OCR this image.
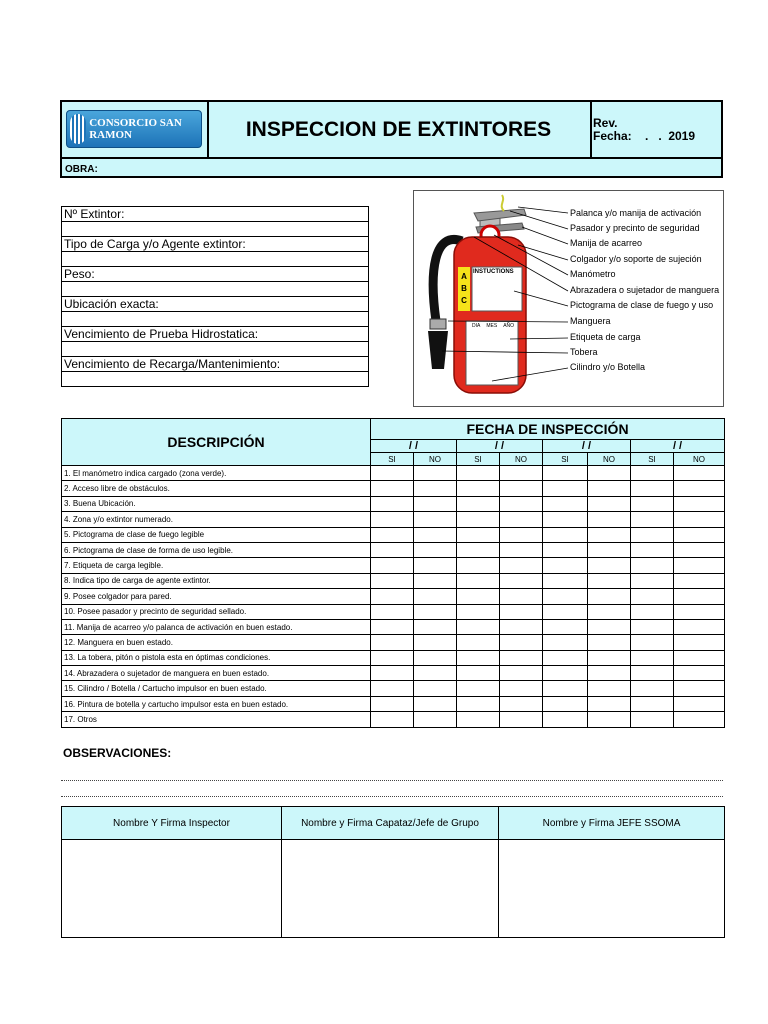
CONSORCIO SAN RAMON	INSPECCION DE EXTINTORES	Rev.
Fecha: .   .  2019
OBRA:
Nº Extintor:

Tipo de Carga y/o Agente extintor:

Peso:

Ubicación exacta:

Vencimiento de Prueba Hidrostatica:

Vencimiento de Recarga/Mantenimiento:

A
B
C
INSTUCTIONS
DIA MES AÑO
Palanca y/o manija de activación
Pasador y precinto de seguridad
Manija de acarreo
Colgador y/o soporte de sujeción
Manómetro
Abrazadera o sujetador de manguera
Pictograma de clase de fuego y uso
Manguera
Etiqueta de carga
Tobera
Cilindro y/o Botella
DESCRIPCIÓN	FECHA DE INSPECCIÓN							
	/ /		/ /		/ /		/ /	
	SI	NO	SI	NO	SI	NO	SI	NO
1. El manómetro indica cargado (zona verde).								
2. Acceso libre de obstáculos.								
3. Buena Ubicación.								
4. Zona y/o extintor numerado.								
5. Pictograma de clase de fuego legible								
6. Pictograma de clase de forma de uso legible.								
7. Etiqueta de carga legible.								
8. Indica tipo de carga de agente extintor.								
9. Posee colgador para pared.								
10. Posee pasador y precinto de seguridad sellado.								
11. Manija de acarreo y/o palanca de activación en buen estado.								
12. Manguera en buen estado.								
13. La tobera, pitón o pistola esta en óptimas condiciones.								
14. Abrazadera o sujetador de manguera en buen estado.								
15. Cilindro / Botella / Cartucho impulsor en buen estado.								
16. Pintura de botella y cartucho impulsor esta en buen estado.								
17. Otros								
OBSERVACIONES:
Nombre Y Firma Inspector	Nombre y Firma Capataz/Jefe de Grupo	Nombre y Firma JEFE SSOMA
